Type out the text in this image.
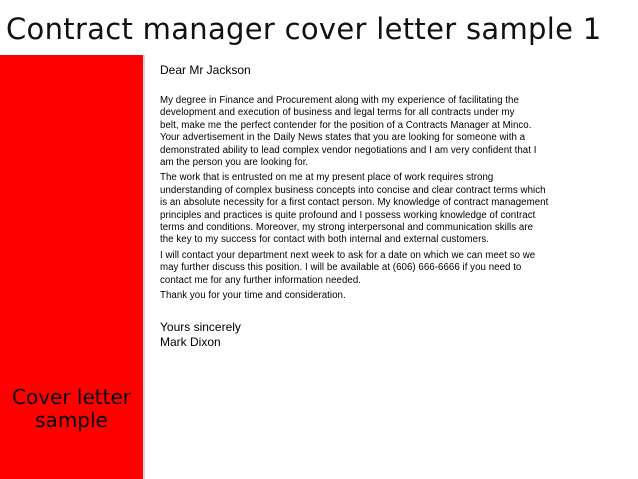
Contract manager cover letter sample 1
Cover letter
sample
Dear Mr Jackson
My degree in Finance and Procurement along with my experience of facilitating the
development and execution of business and legal terms for all contracts under my
belt, make me the perfect contender for the position of a Contracts Manager at Minco.
Your advertisement in the Daily News states that you are looking for someone with a
demonstrated ability to lead complex vendor negotiations and I am very confident that I
am the person you are looking for.
The work that is entrusted on me at my present place of work requires strong
understanding of complex business concepts into concise and clear contract terms which
is an absolute necessity for a first contact person. My knowledge of contract management
principles and practices is quite profound and I possess working knowledge of contract
terms and conditions. Moreover, my strong interpersonal and communication skills are
the key to my success for contact with both internal and external customers.
I will contact your department next week to ask for a date on which we can meet so we
may further discuss this position. I will be available at (606) 666-6666 if you need to
contact me for any further information needed.
Thank you for your time and consideration.
Yours sincerely
Mark Dixon
